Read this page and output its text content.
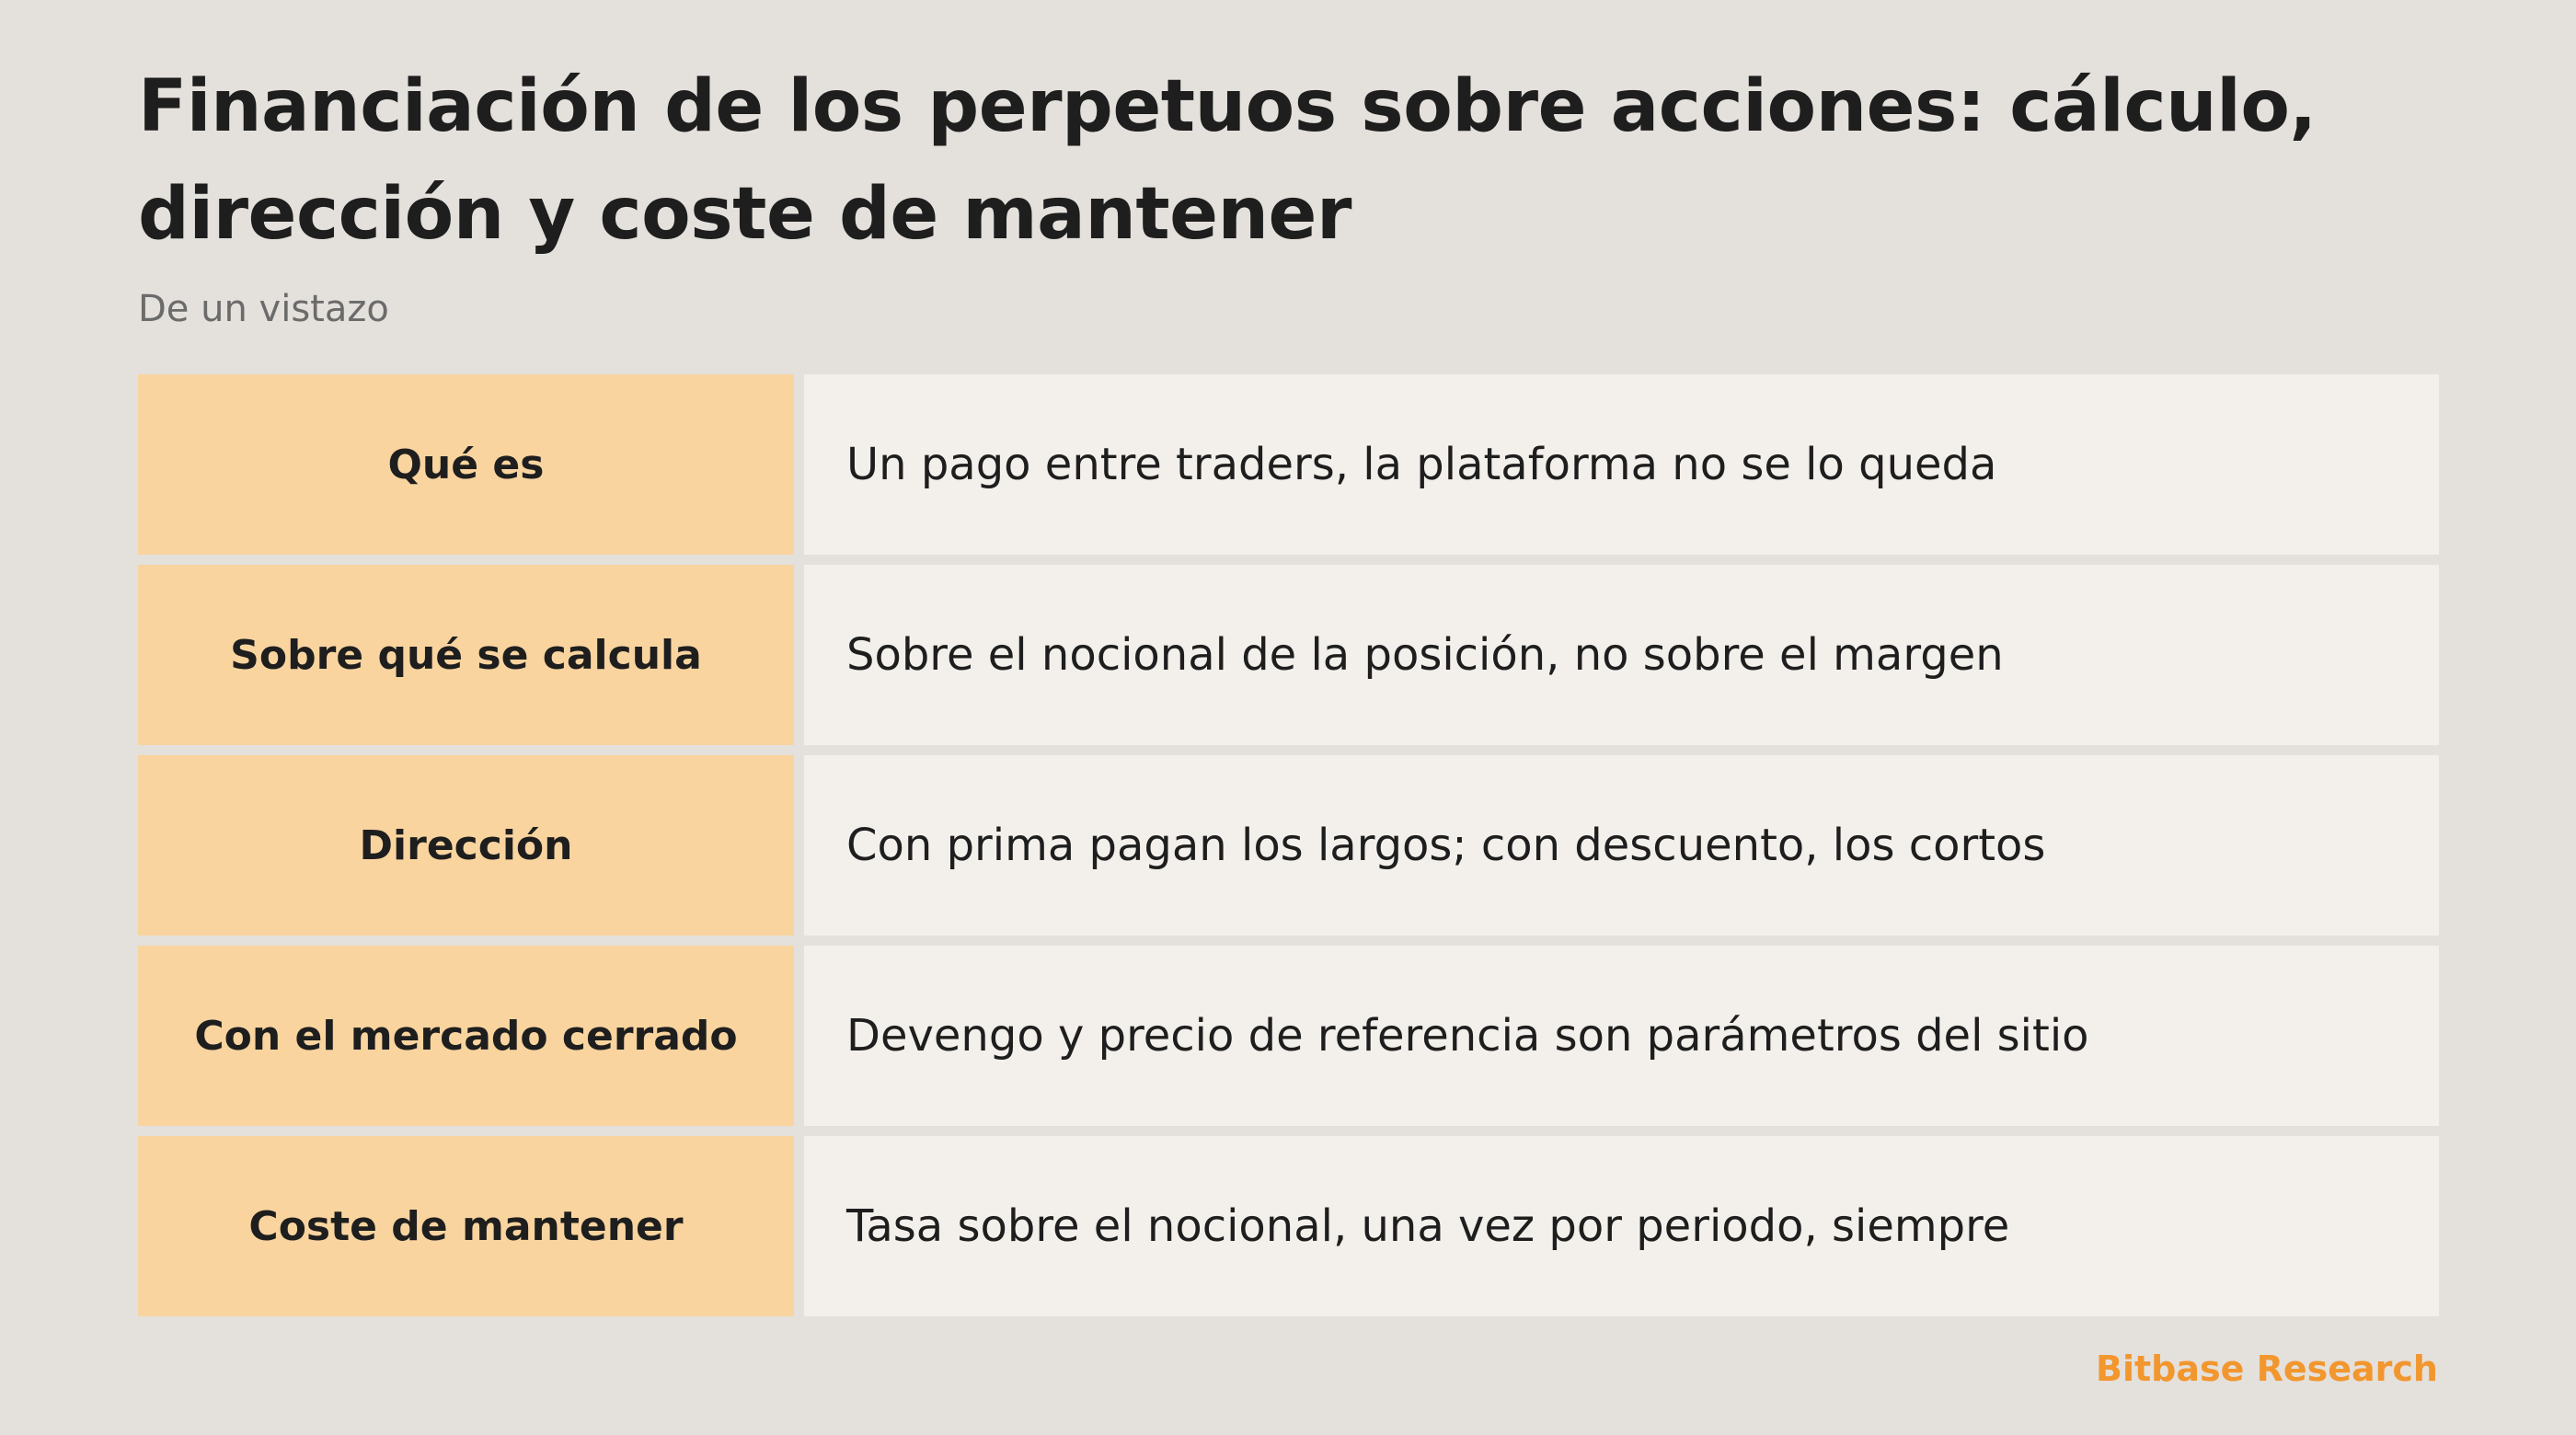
Financiación de los perpetuos sobre acciones: cálculo, dirección y coste de mantener

De un vistazo

Qué es	Un pago entre traders, la plataforma no se lo queda
Sobre qué se calcula	Sobre el nocional de la posición, no sobre el margen
Dirección	Con prima pagan los largos; con descuento, los cortos
Con el mercado cerrado	Devengo y precio de referencia son parámetros del sitio
Coste de mantener	Tasa sobre el nocional, una vez por periodo, siempre
Bitbase Research
